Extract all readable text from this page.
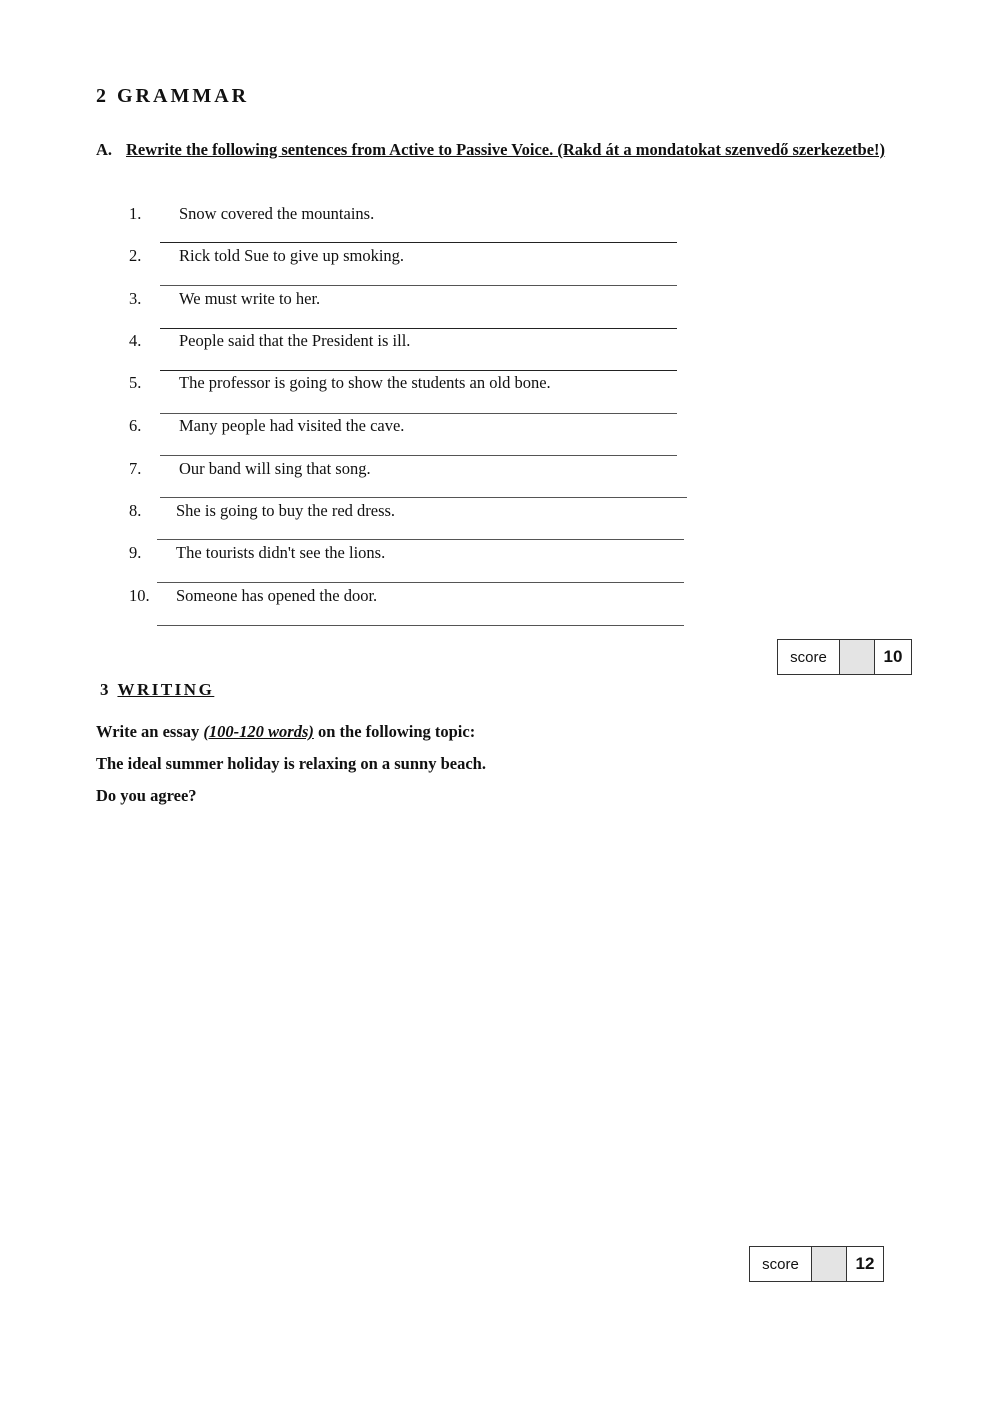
2 GRAMMAR
A. Rewrite the following sentences from Active to Passive Voice. (Rakd át a mondatokat szenvedő szerkezetbe!)
1. Snow covered the mountains.
2. Rick told Sue to give up smoking.
3. We must write to her.
4. People said that the President is ill.
5. The professor is going to show the students an old bone.
6. Many people had visited the cave.
7. Our band will sing that song.
8. She is going to buy the red dress.
9. The tourists didn't see the lions.
10. Someone has opened the door.
score	10
3 WRITING
Write an essay (100-120 words) on the following topic:
The ideal summer holiday is relaxing on a sunny beach.
Do you agree?
score	12
